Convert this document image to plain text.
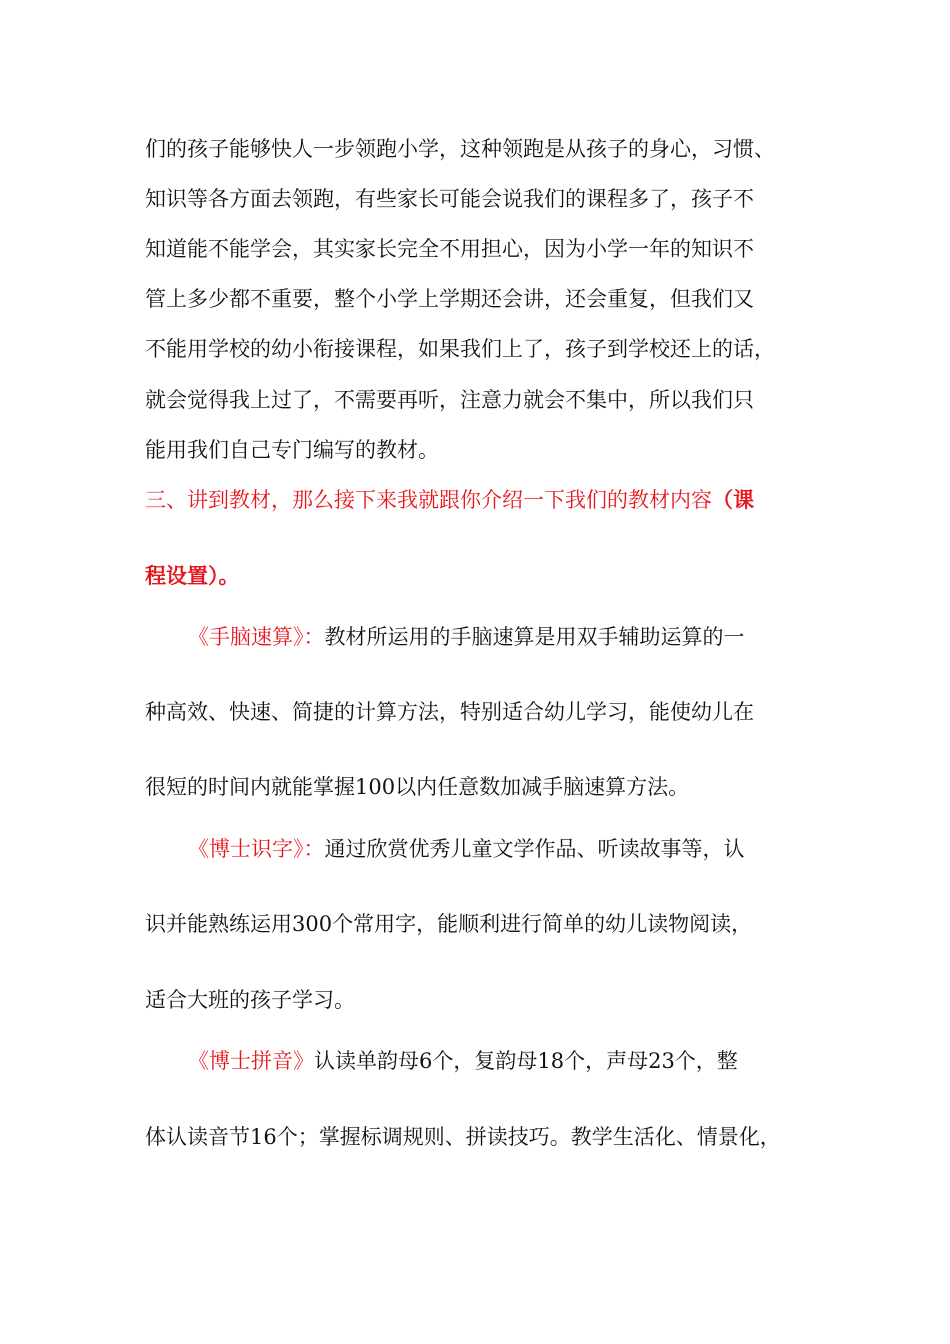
们的孩子能够快人一步领跑小学，这种领跑是从孩子的身心，习惯、
知识等各方面去领跑，有些家长可能会说我们的课程多了，孩子不
知道能不能学会，其实家长完全不用担心，因为小学一年的知识不
管上多少都不重要，整个小学上学期还会讲，还会重复，但我们又
不能用学校的幼小衔接课程，如果我们上了，孩子到学校还上的话，
就会觉得我上过了，不需要再听，注意力就会不集中，所以我们只
能用我们自己专门编写的教材。
三、讲到教材，那么接下来我就跟你介绍一下我们的教材内容（课
程设置）。
《手脑速算》：教材所运用的手脑速算是用双手辅助运算的一
种高效、快速、简捷的计算方法，特别适合幼儿学习，能使幼儿在
很短的时间内就能掌握100以内任意数加减手脑速算方法。
《博士识字》：通过欣赏优秀儿童文学作品、听读故事等，认
识并能熟练运用300个常用字，能顺利进行简单的幼儿读物阅读，
适合大班的孩子学习。
《博士拼音》认读单韵母6个，复韵母18个，声母23个，整
体认读音节16个；掌握标调规则、拼读技巧。教学生活化、情景化，
